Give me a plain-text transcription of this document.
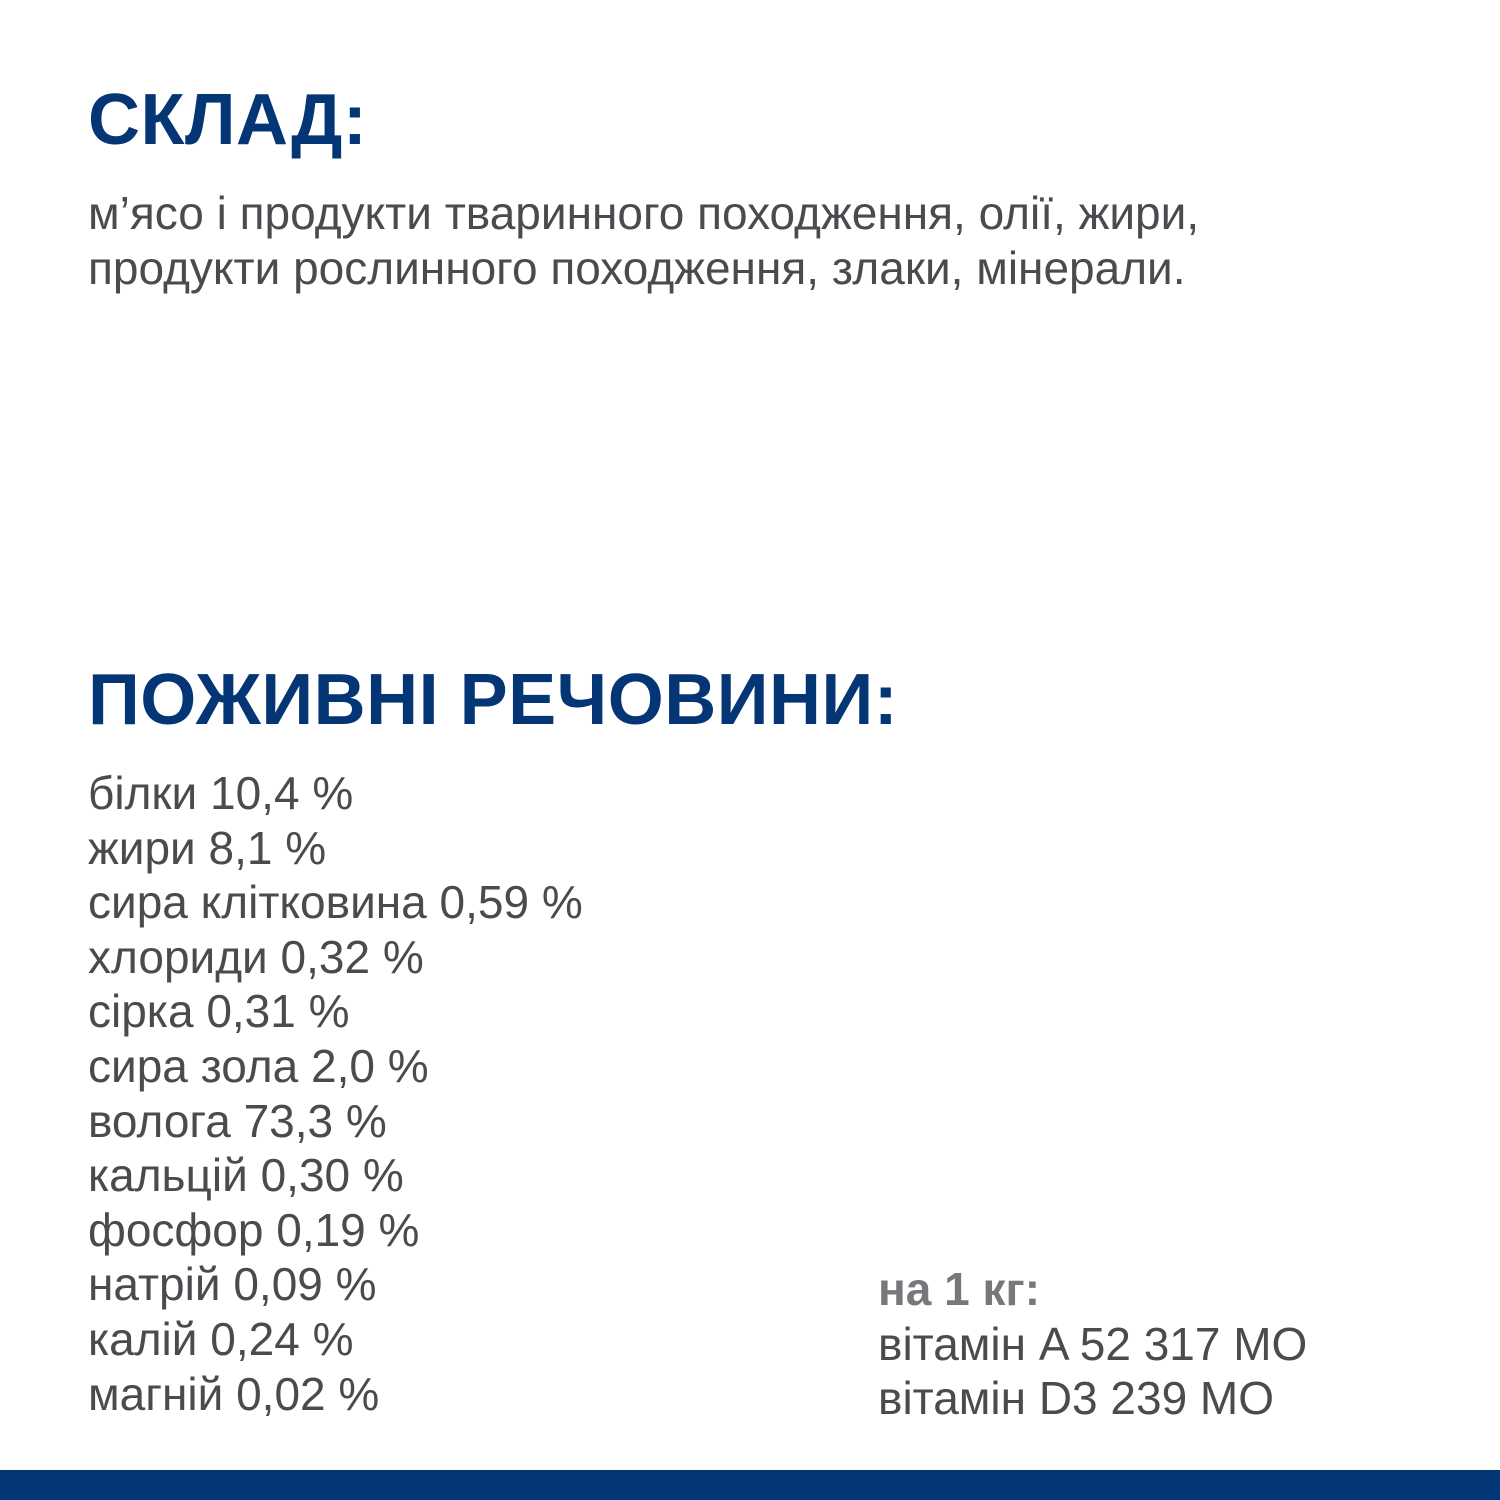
СКЛАД:

м’ясо і продукти тваринного походження, олії, жири,
продукти рослинного походження, злаки, мінерали.

ПОЖИВНІ РЕЧОВИНИ:
білки 10,4 %
жири 8,1 %
сира клітковина 0,59 %
хлориди 0,32 %
сірка 0,31 %
сира зола 2,0 %
волога 73,3 %
кальцій 0,30 %
фосфор 0,19 %
натрій 0,09 %
калій 0,24 %
магній 0,02 %
на 1 кг:
вітамін A 52 317 МО
вітамін D3 239 МО
